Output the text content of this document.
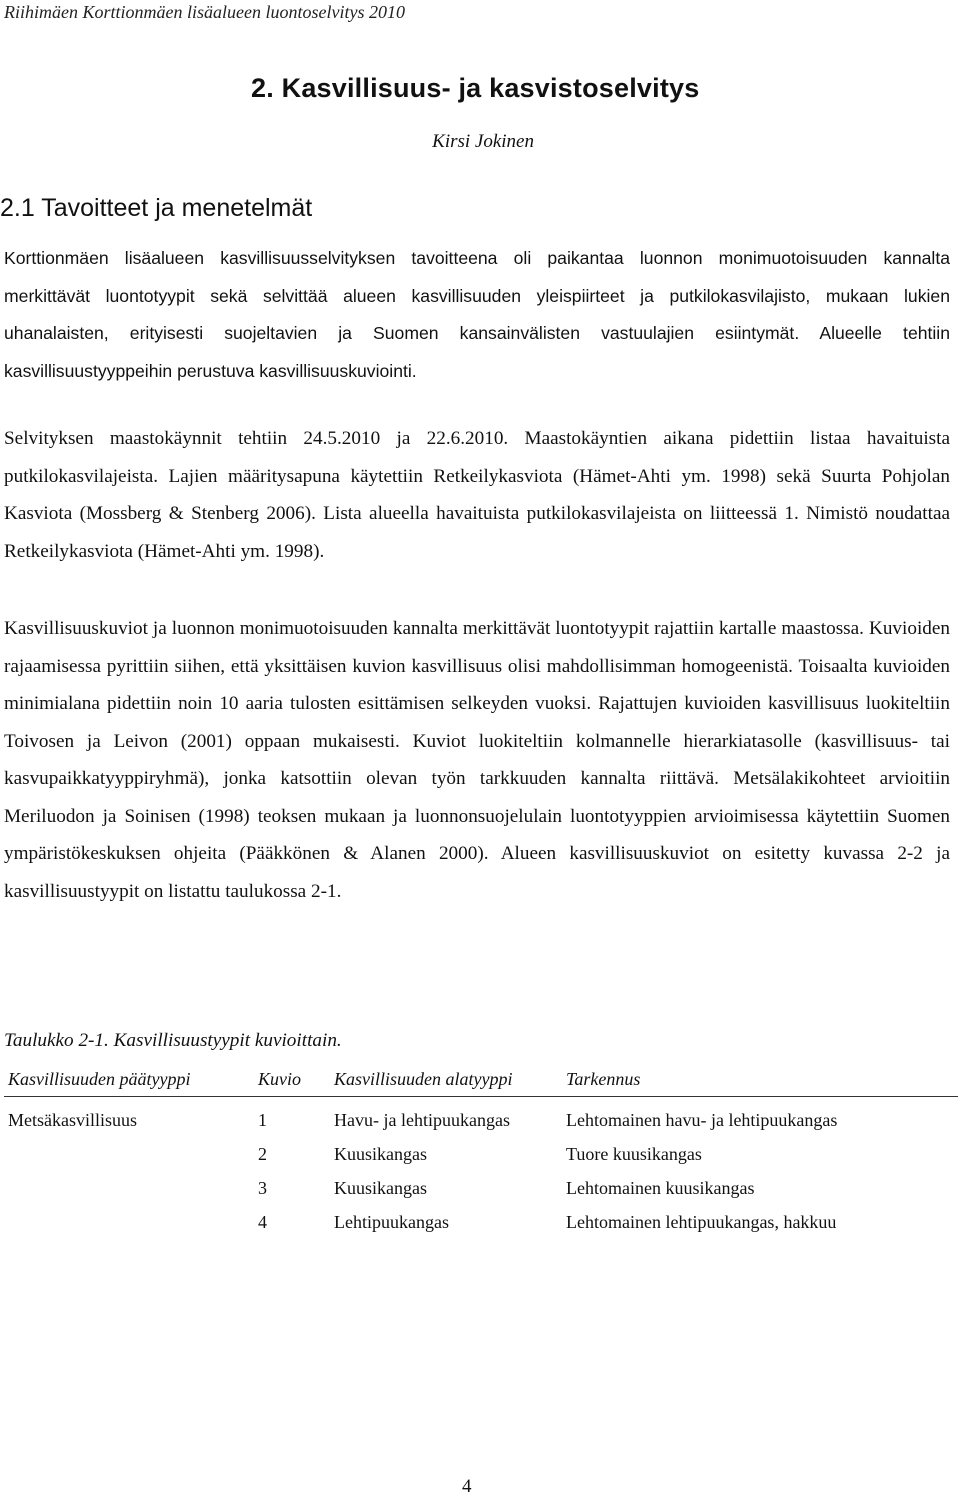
Riihimäen Korttionmäen lisäalueen luontoselvitys 2010
2. Kasvillisuus- ja kasvistoselvitys
Kirsi Jokinen
2.1 Tavoitteet ja menetelmät

Korttionmäen lisäalueen kasvillisuusselvityksen tavoitteena oli paikantaa luonnon monimuotoisuuden kannalta merkittävät luontotyypit sekä selvittää alueen kasvillisuuden yleispiirteet ja putkilokasvilajisto, mukaan lukien uhanalaisten, erityisesti suojeltavien ja Suomen kansainvälisten vastuulajien esiintymät. Alueelle tehtiin kasvillisuustyyppeihin perustuva kasvillisuuskuviointi.

Selvityksen maastokäynnit tehtiin 24.5.2010 ja 22.6.2010. Maastokäyntien aikana pidettiin listaa havaituista putkilokasvilajeista. Lajien määritysapuna käytettiin Retkeilykasviota (Hämet-Ahti ym. 1998) sekä Suurta Pohjolan Kasviota (Mossberg & Stenberg 2006). Lista alueella havaituista putkilokasvilajeista on liitteessä 1. Nimistö noudattaa Retkeilykasviota (Hämet-Ahti ym. 1998).

Kasvillisuuskuviot ja luonnon monimuotoisuuden kannalta merkittävät luontotyypit rajattiin kartalle maastossa. Kuvioiden rajaamisessa pyrittiin siihen, että yksittäisen kuvion kasvillisuus olisi mahdollisimman homogeenistä. Toisaalta kuvioiden minimialana pidettiin noin 10 aaria tulosten esittämisen selkeyden vuoksi. Rajattujen kuvioiden kasvillisuus luokiteltiin Toivosen ja Leivon (2001) oppaan mukaisesti. Kuviot luokiteltiin kolmannelle hierarkiatasolle (kasvillisuus- tai kasvupaikkatyyppiryhmä), jonka katsottiin olevan työn tarkkuuden kannalta riittävä. Metsälakikohteet arvioitiin Meriluodon ja Soinisen (1998) teoksen mukaan ja luonnonsuojelulain luontotyyppien arvioimisessa käytettiin Suomen ympäristökeskuksen ohjeita (Pääkkönen & Alanen 2000). Alueen kasvillisuuskuviot on esitetty kuvassa 2-2 ja kasvillisuustyypit on listattu taulukossa 2-1.

Taulukko 2-1. Kasvillisuustyypit kuvioittain.
Kasvillisuuden päätyyppi	Kuvio	Kasvillisuuden alatyyppi	Tarkennus
Metsäkasvillisuus	1	Havu- ja lehtipuukangas	Lehtomainen havu- ja lehtipuukangas
	2	Kuusikangas	Tuore kuusikangas
	3	Kuusikangas	Lehtomainen kuusikangas
	4	Lehtipuukangas	Lehtomainen lehtipuukangas, hakkuu
4
